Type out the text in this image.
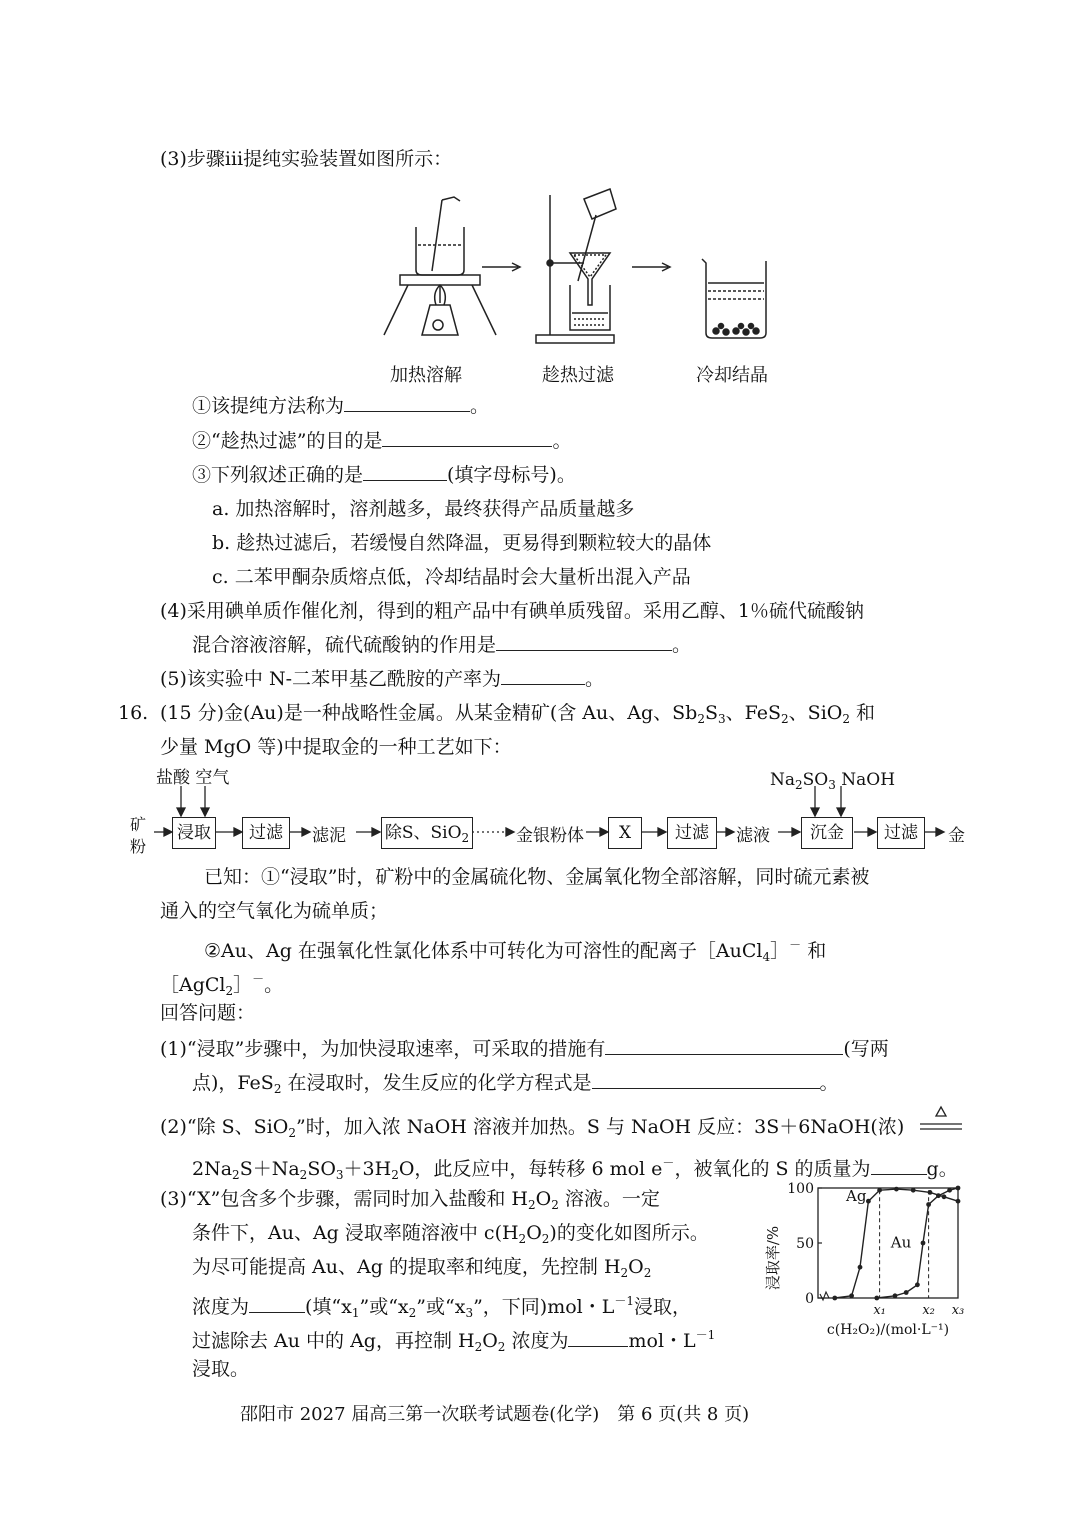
(3)步骤ⅲ提纯实验装置如图所示：
加热溶解	趁热过滤	冷却结晶
①该提纯方法称为	。
②“趁热过滤”的目的是	。
③下列叙述正确的是	(填字母标号)。
a. 加热溶解时，溶剂越多，最终获得产品质量越多
b. 趁热过滤后，若缓慢自然降温，更易得到颗粒较大的晶体
c. 二苯甲酮杂质熔点低，冷却结晶时会大量析出混入产品
(4)采用碘单质作催化剂，得到的粗产品中有碘单质残留。采用乙醇、1％硫代硫酸钠
混合溶液溶解，硫代硫酸钠的作用是	。
(5)该实验中 N-二苯甲基乙酰胺的产率为	。
16. (15 分)金(Au)是一种战略性金属。从某金精矿(含 Au、Ag、$Sb_2S_3$、FeS$_2$、SiO$_2$ 和
少量 MgO 等)中提取金的一种工艺如下：
盐酸 空气	$Na_2SO_3$ NaOH
矿
粉
浸取	过滤	滤泥 除S、SiO$_2$	金银粉体	X	过滤	滤液	沉金	过滤	金
已知：①“浸取”时，矿粉中的金属硫化物、金属氧化物全部溶解，同时硫元素被
通入的空气氧化为硫单质；
②Au、Ag 在强氧化性氯化体系中可转化为可溶性的配离子［AuCl$_4$］－ 和
［AgCl$_2$］－。
回答问题：
(1)“浸取”步骤中，为加快浸取速率，可采取的措施有	(写两
点)，FeS$_2$ 在浸取时，发生反应的化学方程式是	。
(2)“除 S、SiO$_2$”时，加入浓 NaOH 溶液并加热。S 与 NaOH 反应：3S＋6NaOH(浓)
$2Na_2S+Na_2SO_3+3H_2O$，此反应中，每转移 6 mol e－，被氧化的 S 的质量为	g。
(3)“X”包含多个步骤，需同时加入盐酸和 $H_2O_2$ 溶液。一定
条件下，Au、Ag 浸取率随溶液中 $c(H_2O_2)$的变化如图所示。
为尽可能提高 Au、Ag 的提取率和纯度，先控制 $H_2O_2$
浓度为	(填“$x_1$”或“$x_2$”或“$x_3$”，下同)mol・$L^{-1}$浸取，
过滤除去 Au 中的 Ag，再控制 $H_2O_2$ 浓度为	mol・$L^{-1}$
浸取。
100
50
0
x₁	x₂ x₃
Ag
Au
浸取率/%
c(H₂O₂)/(mol·L⁻¹)
邵阳市 2027 届高三第一次联考试题卷(化学)　第 6 页(共 8 页)
